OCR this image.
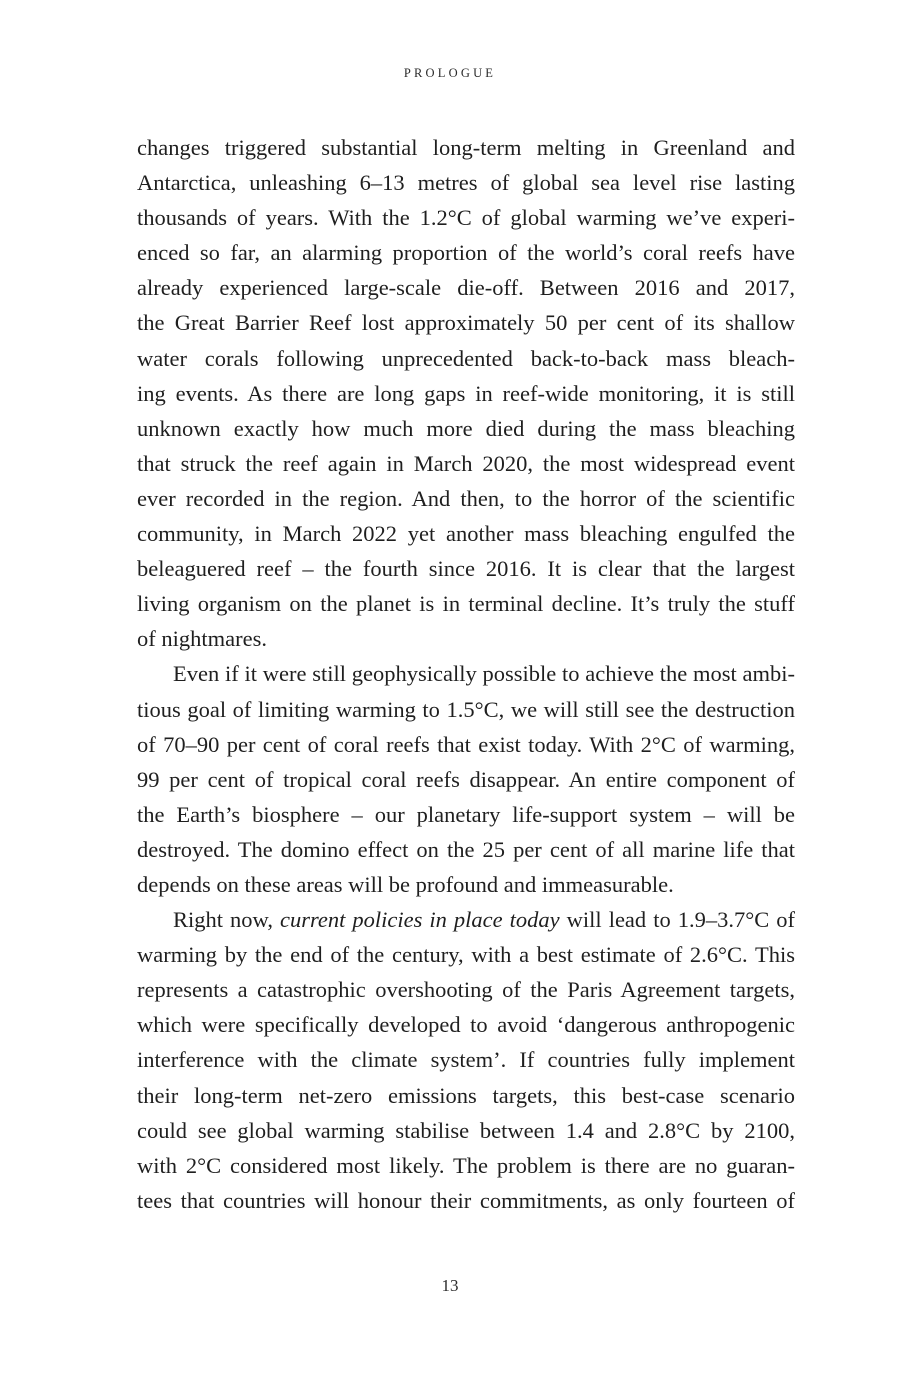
PROLOGUE

changes triggered substantial long-term melting in Greenland and
Antarctica, unleashing 6–13 metres of global sea level rise lasting
thousands of years. With the 1.2°C of global warming we’ve experi-
enced so far, an alarming proportion of the world’s coral reefs have
already experienced large-scale die-off. Between 2016 and 2017,
the Great Barrier Reef lost approximately 50 per cent of its shallow
water corals following unprecedented back-to-back mass bleach-
ing events. As there are long gaps in reef-wide monitoring, it is still
unknown exactly how much more died during the mass bleaching
that struck the reef again in March 2020, the most widespread event
ever recorded in the region. And then, to the horror of the scientific
community, in March 2022 yet another mass bleaching engulfed the
beleaguered reef – the fourth since 2016. It is clear that the largest
living organism on the planet is in terminal decline. It’s truly the stuff
of nightmares.

Even if it were still geophysically possible to achieve the most ambi-
tious goal of limiting warming to 1.5°C, we will still see the destruction
of 70–90 per cent of coral reefs that exist today. With 2°C of warming,
99 per cent of tropical coral reefs disappear. An entire component of
the Earth’s biosphere – our planetary life-support system – will be
destroyed. The domino effect on the 25 per cent of all marine life that
depends on these areas will be profound and immeasurable.

Right now, current policies in place today will lead to 1.9–3.7°C of
warming by the end of the century, with a best estimate of 2.6°C. This
represents a catastrophic overshooting of the Paris Agreement targets,
which were specifically developed to avoid ‘dangerous anthropogenic
interference with the climate system’. If countries fully implement
their long-term net-zero emissions targets, this best-case scenario
could see global warming stabilise between 1.4 and 2.8°C by 2100,
with 2°C considered most likely. The problem is there are no guaran-
tees that countries will honour their commitments, as only fourteen of

13
